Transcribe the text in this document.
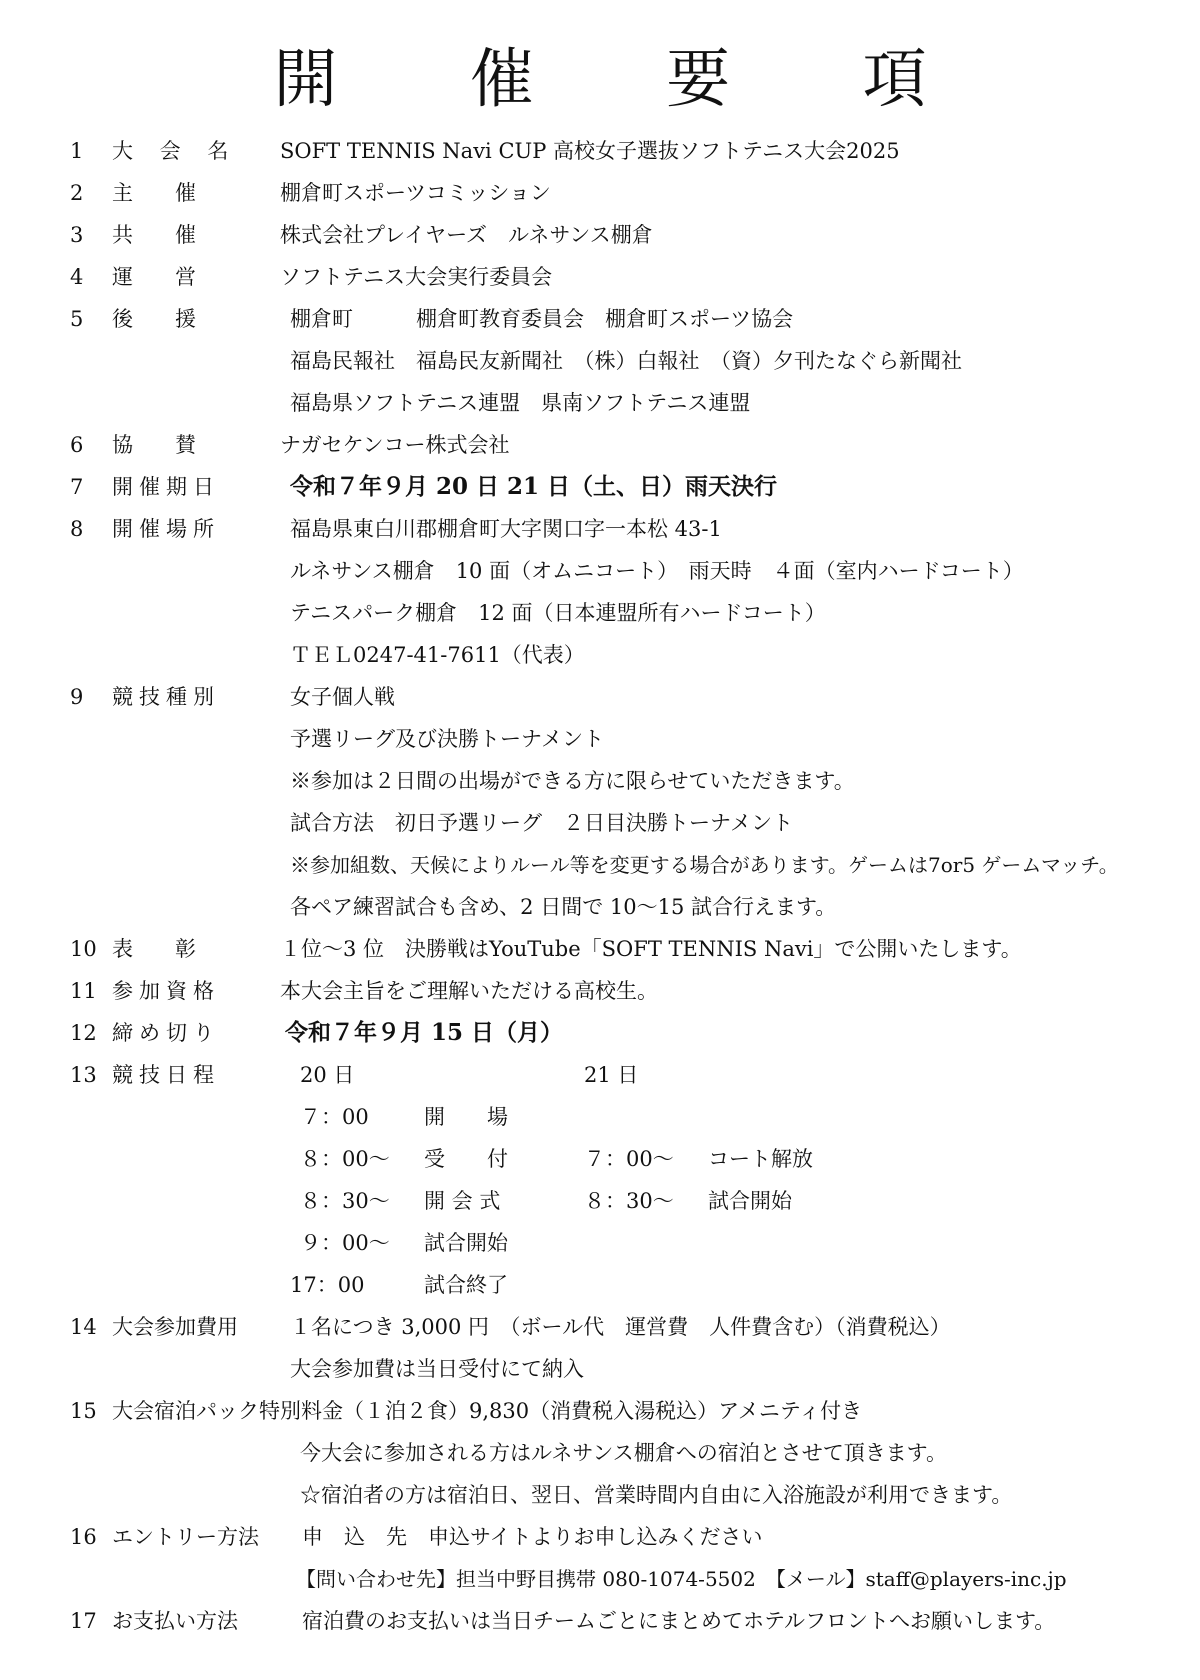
開 催 要 項
1	大 会 名	SOFT TENNIS Navi CUP 高校女子選抜ソフトテニス大会2025
2	主　　催	棚倉町スポーツコミッション
3	共　　催	株式会社プレイヤーズ　ルネサンス棚倉
4	運　　営	ソフトテニス大会実行委員会
5	後　　援	棚倉町　　　棚倉町教育委員会　棚倉町スポーツ協会
福島民報社　福島民友新聞社　（株）白報社　（資）夕刊たなぐら新聞社
福島県ソフトテニス連盟　県南ソフトテニス連盟
6	協　　賛	ナガセケンコー株式会社
7	開催期日	令和７年９月 20 日 21 日（土、日）雨天決行
8	開催場所	福島県東白川郡棚倉町大字関口字一本松 43-1
ルネサンス棚倉　10 面（オムニコート）　雨天時　４面（室内ハードコート）
テニスパーク棚倉　12 面（日本連盟所有ハードコート）
ＴＥＬ0247-41-7611（代表）
9	競技種別	女子個人戦
予選リーグ及び決勝トーナメント
※参加は２日間の出場ができる方に限らせていただきます。
試合方法　初日予選リーグ　２日目決勝トーナメント
※参加組数、天候によりルール等を変更する場合があります。ゲームは7or5 ゲームマッチ。
各ペア練習試合も含め、2 日間で 10～15 試合行えます。
10 表　　彰	１位～3 位　決勝戦はYouTube「SOFT TENNIS Navi」で公開いたします。
11 参加資格	本大会主旨をご理解いただける高校生。
12 締め切り	令和７年９月 15 日（月）
13 競技日程	20 日	21 日
７：00	開　　場
８：00～ 受　　付	７：00～ コート解放
８：30～ 開 会 式	８：30～ 試合開始
９：00～ 試合開始
17：00	試合終了
14 大会参加費用	１名につき 3,000 円　（ボール代　運営費　人件費含む）（消費税込）
大会参加費は当日受付にて納入
15 大会宿泊パック特別料金（１泊２食）9,830（消費税入湯税込）アメニティ付き
今大会に参加される方はルネサンス棚倉への宿泊とさせて頂きます。
☆宿泊者の方は宿泊日、翌日、営業時間内自由に入浴施設が利用できます。
16 エントリー方法	申　込　先　申込サイトよりお申し込みください
【問い合わせ先】担当中野目携帯 080-1074-5502　【メール】staff@players-inc.jp
17 お支払い方法	宿泊費のお支払いは当日チームごとにまとめてホテルフロントへお願いします。
